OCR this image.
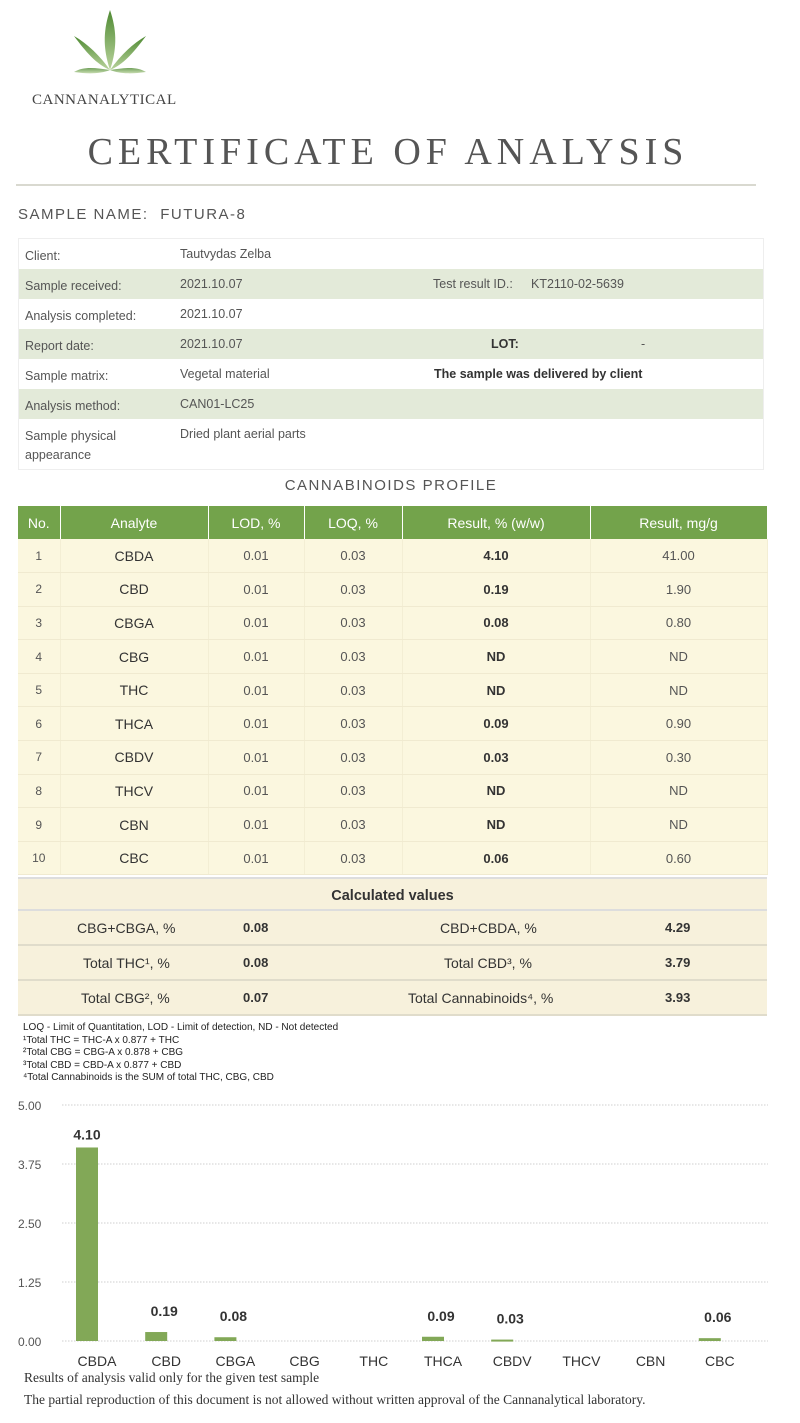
CANNANALYTICAL
CERTIFICATE OF ANALYSIS
SAMPLE NAME: FUTURA-8
Client:	Tautvydas Zelba
Sample received:	2021.10.07	Test result ID.: KT2110-02-5639
Analysis completed:	2021.10.07
Report date:	2021.10.07	LOT:	-
Sample matrix:	Vegetal material	The sample was delivered by client
Analysis method:	CAN01-LC25
Sample physical appearance
Dried plant aerial parts
CANNABINOIDS PROFILE
No.	Analyte	LOD, %	LOQ, %	Result, % (w/w)	Result, mg/g
1	CBDA	0.01	0.03	4.10	41.00
2	CBD	0.01	0.03	0.19	1.90
3	CBGA	0.01	0.03	0.08	0.80
4	CBG	0.01	0.03	ND	ND
5	THC	0.01	0.03	ND	ND
6	THCA	0.01	0.03	0.09	0.90
7	CBDV	0.01	0.03	0.03	0.30
8	THCV	0.01	0.03	ND	ND
9	CBN	0.01	0.03	ND	ND
10	CBC	0.01	0.03	0.06	0.60
Calculated values
CBG+CBGA, %	0.08	CBD+CBDA, %	4.29
Total THC¹, %	0.08	Total CBD³, %	3.79
Total CBG², %	0.07	Total Cannabinoids⁴, %	3.93
LOQ - Limit of Quantitation, LOD - Limit of detection, ND - Not detected
¹Total THC = THC-A x 0.877 + THC
²Total CBG = CBG-A x 0.878 + CBG
³Total CBD = CBD-A x 0.877 + CBD
⁴Total Cannabinoids is the SUM of total THC, CBG, CBD
0.00
1.25
2.50
3.75
5.00
4.10
CBDA
0.19
CBD
0.08
CBGA CBG	THC
0.09
THCA
0.03
CBDV THCV	CBN
0.06
CBC
Results of analysis valid only for the given test sample
The partial reproduction of this document is not allowed without written approval of the Cannanalytical laboratory.
